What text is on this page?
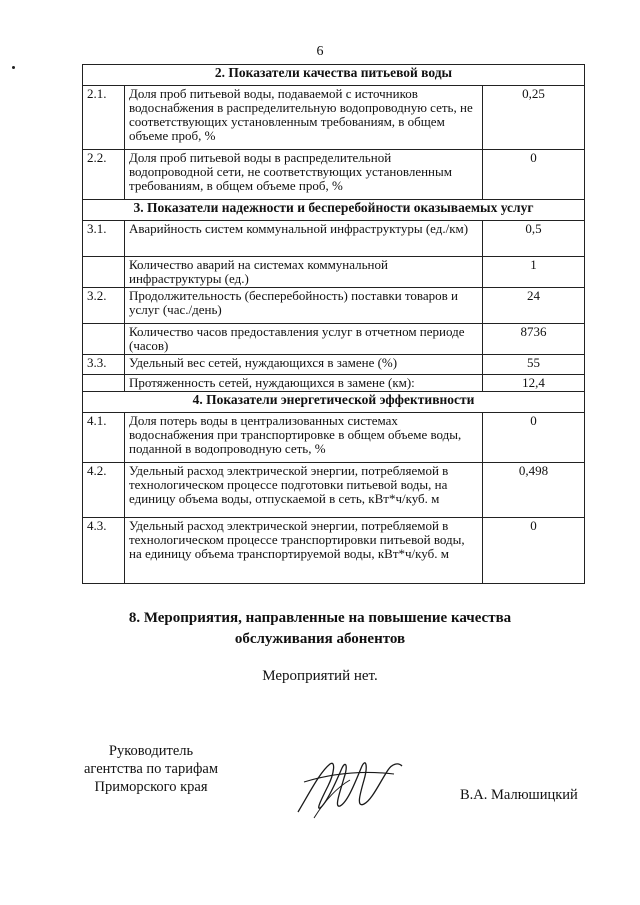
6
2. Показатели качества питьевой воды		
2.1.	Доля проб питьевой воды, подаваемой с источников водоснабжения в распределительную водопроводную сеть, не соответствующих установленным требованиям, в общем объеме проб, %	0,25
2.2.	Доля проб питьевой воды в распределительной водопроводной сети, не соответствующих установленным требованиям, в общем объеме проб, %	0
3. Показатели надежности и бесперебойности оказываемых услуг		
3.1.	Аварийность систем коммунальной инфраструктуры (ед./км)	0,5
	Количество аварий на системах коммунальной инфраструктуры (ед.)	1
3.2.	Продолжительность (бесперебойность) поставки товаров и услуг (час./день)	24
	Количество часов предоставления услуг в отчетном периоде (часов)	8736
3.3.	Удельный вес сетей, нуждающихся в замене (%)	55
	Протяженность сетей, нуждающихся в замене (км):	12,4
4. Показатели энергетической эффективности		
4.1.	Доля потерь воды в централизованных системах водоснабжения при транспортировке в общем объеме воды, поданной в водопроводную сеть, %	0
4.2.	Удельный расход электрической энергии, потребляемой в технологическом процессе подготовки питьевой воды, на единицу объема воды, отпускаемой в сеть, кВт*ч/куб. м	0,498
4.3.	Удельный расход электрической энергии, потребляемой в технологическом процессе транспортировки питьевой воды, на единицу объема транспортируемой воды, кВт*ч/куб. м	0
8. Мероприятия, направленные на повышение качества
обслуживания абонентов
Мероприятий нет.
Руководитель
агентства по тарифам
Приморского края	В.А. Малюшицкий
